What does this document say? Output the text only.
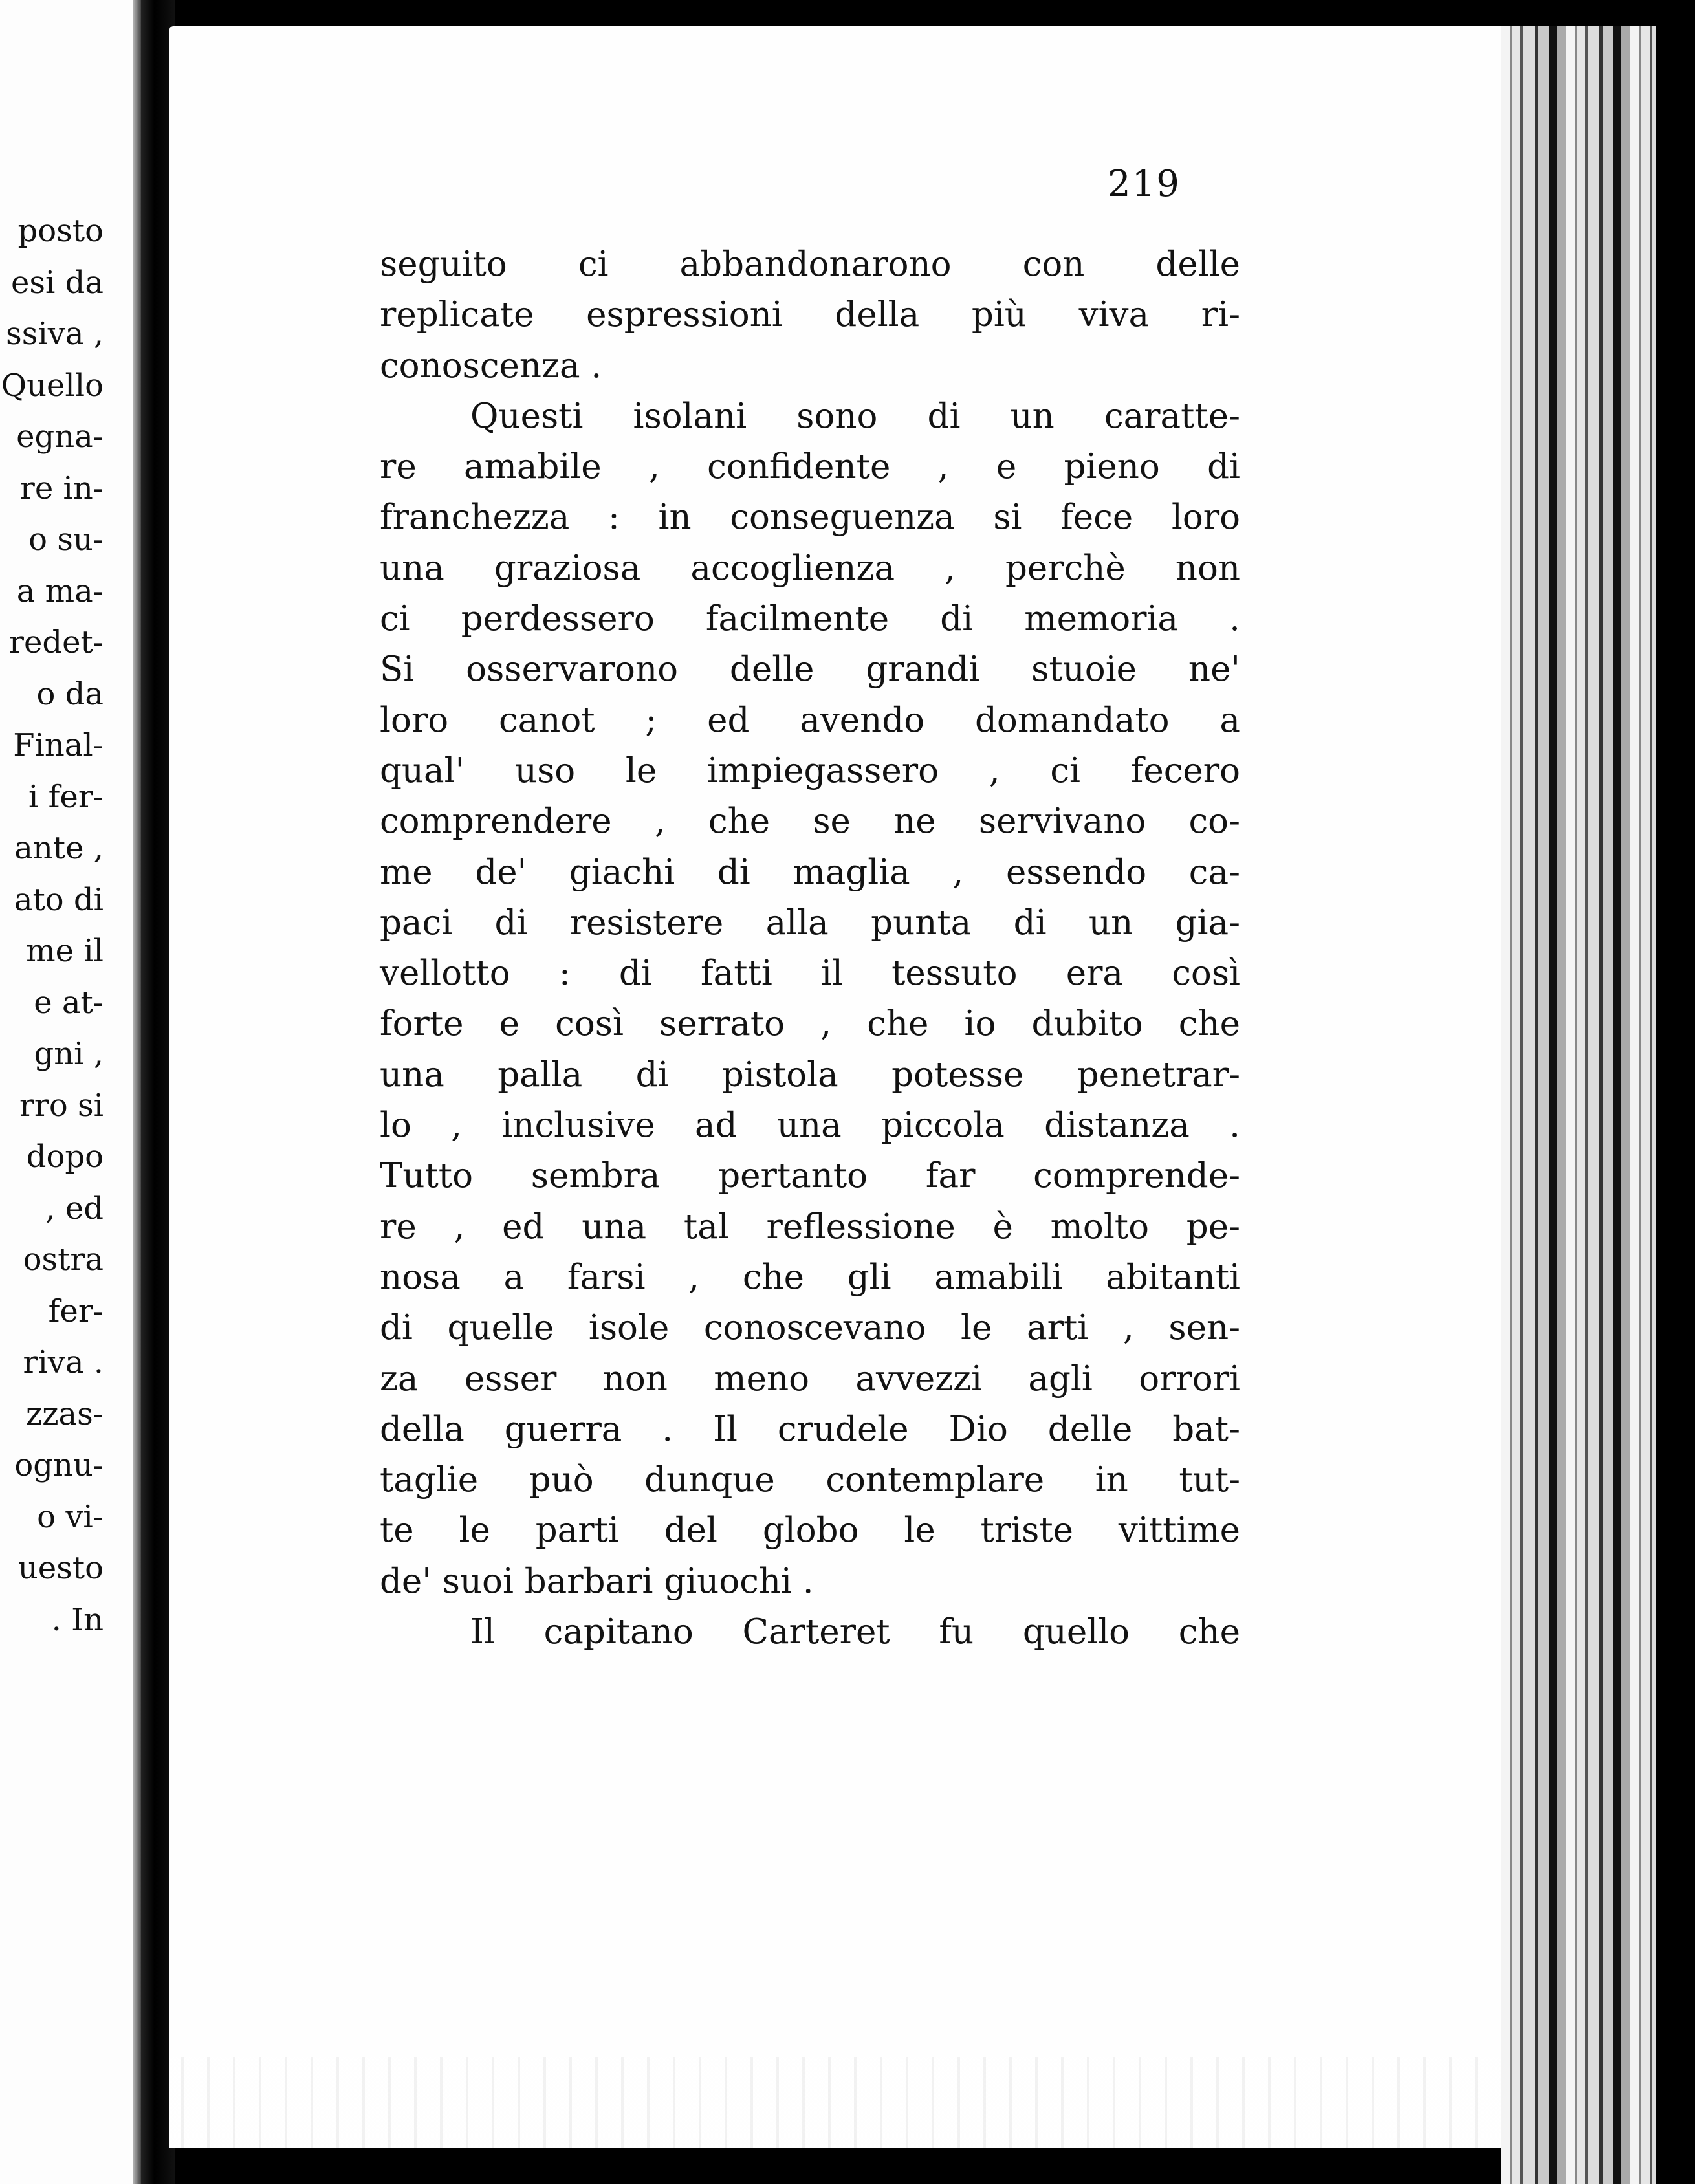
posto
esi da
ssiva ,
Quello
egna-
re in-
o su-
a ma-
redet-
o da
Final-
i fer-
ante ,
ato di
me il
e at-
gni ,
rro si
dopo
, ed
ostra
fer-
riva .
zzas-
ognu-
o vi-
uesto
. In
219
seguito ci abbandonarono con delle
replicate espressioni della più viva ri-
conoscenza .
Questi isolani sono di un caratte-
re amabile , confidente , e pieno di
franchezza : in conseguenza si fece loro
una graziosa accoglienza , perchè non
ci perdessero facilmente di memoria .
Si osservarono delle grandi stuoie ne'
loro canot ; ed avendo domandato a
qual' uso le impiegassero , ci fecero
comprendere , che se ne servivano co-
me de' giachi di maglia , essendo ca-
paci di resistere alla punta di un gia-
vellotto : di fatti il tessuto era così
forte e così serrato , che io dubito che
una palla di pistola potesse penetrar-
lo , inclusive ad una piccola distanza .
Tutto sembra pertanto far comprende-
re , ed una tal reflessione è molto pe-
nosa a farsi , che gli amabili abitanti
di quelle isole conoscevano le arti , sen-
za esser non meno avvezzi agli orrori
della guerra . Il crudele Dio delle bat-
taglie può dunque contemplare in tut-
te le parti del globo le triste vittime
de' suoi barbari giuochi .
Il capitano Carteret fu quello che
